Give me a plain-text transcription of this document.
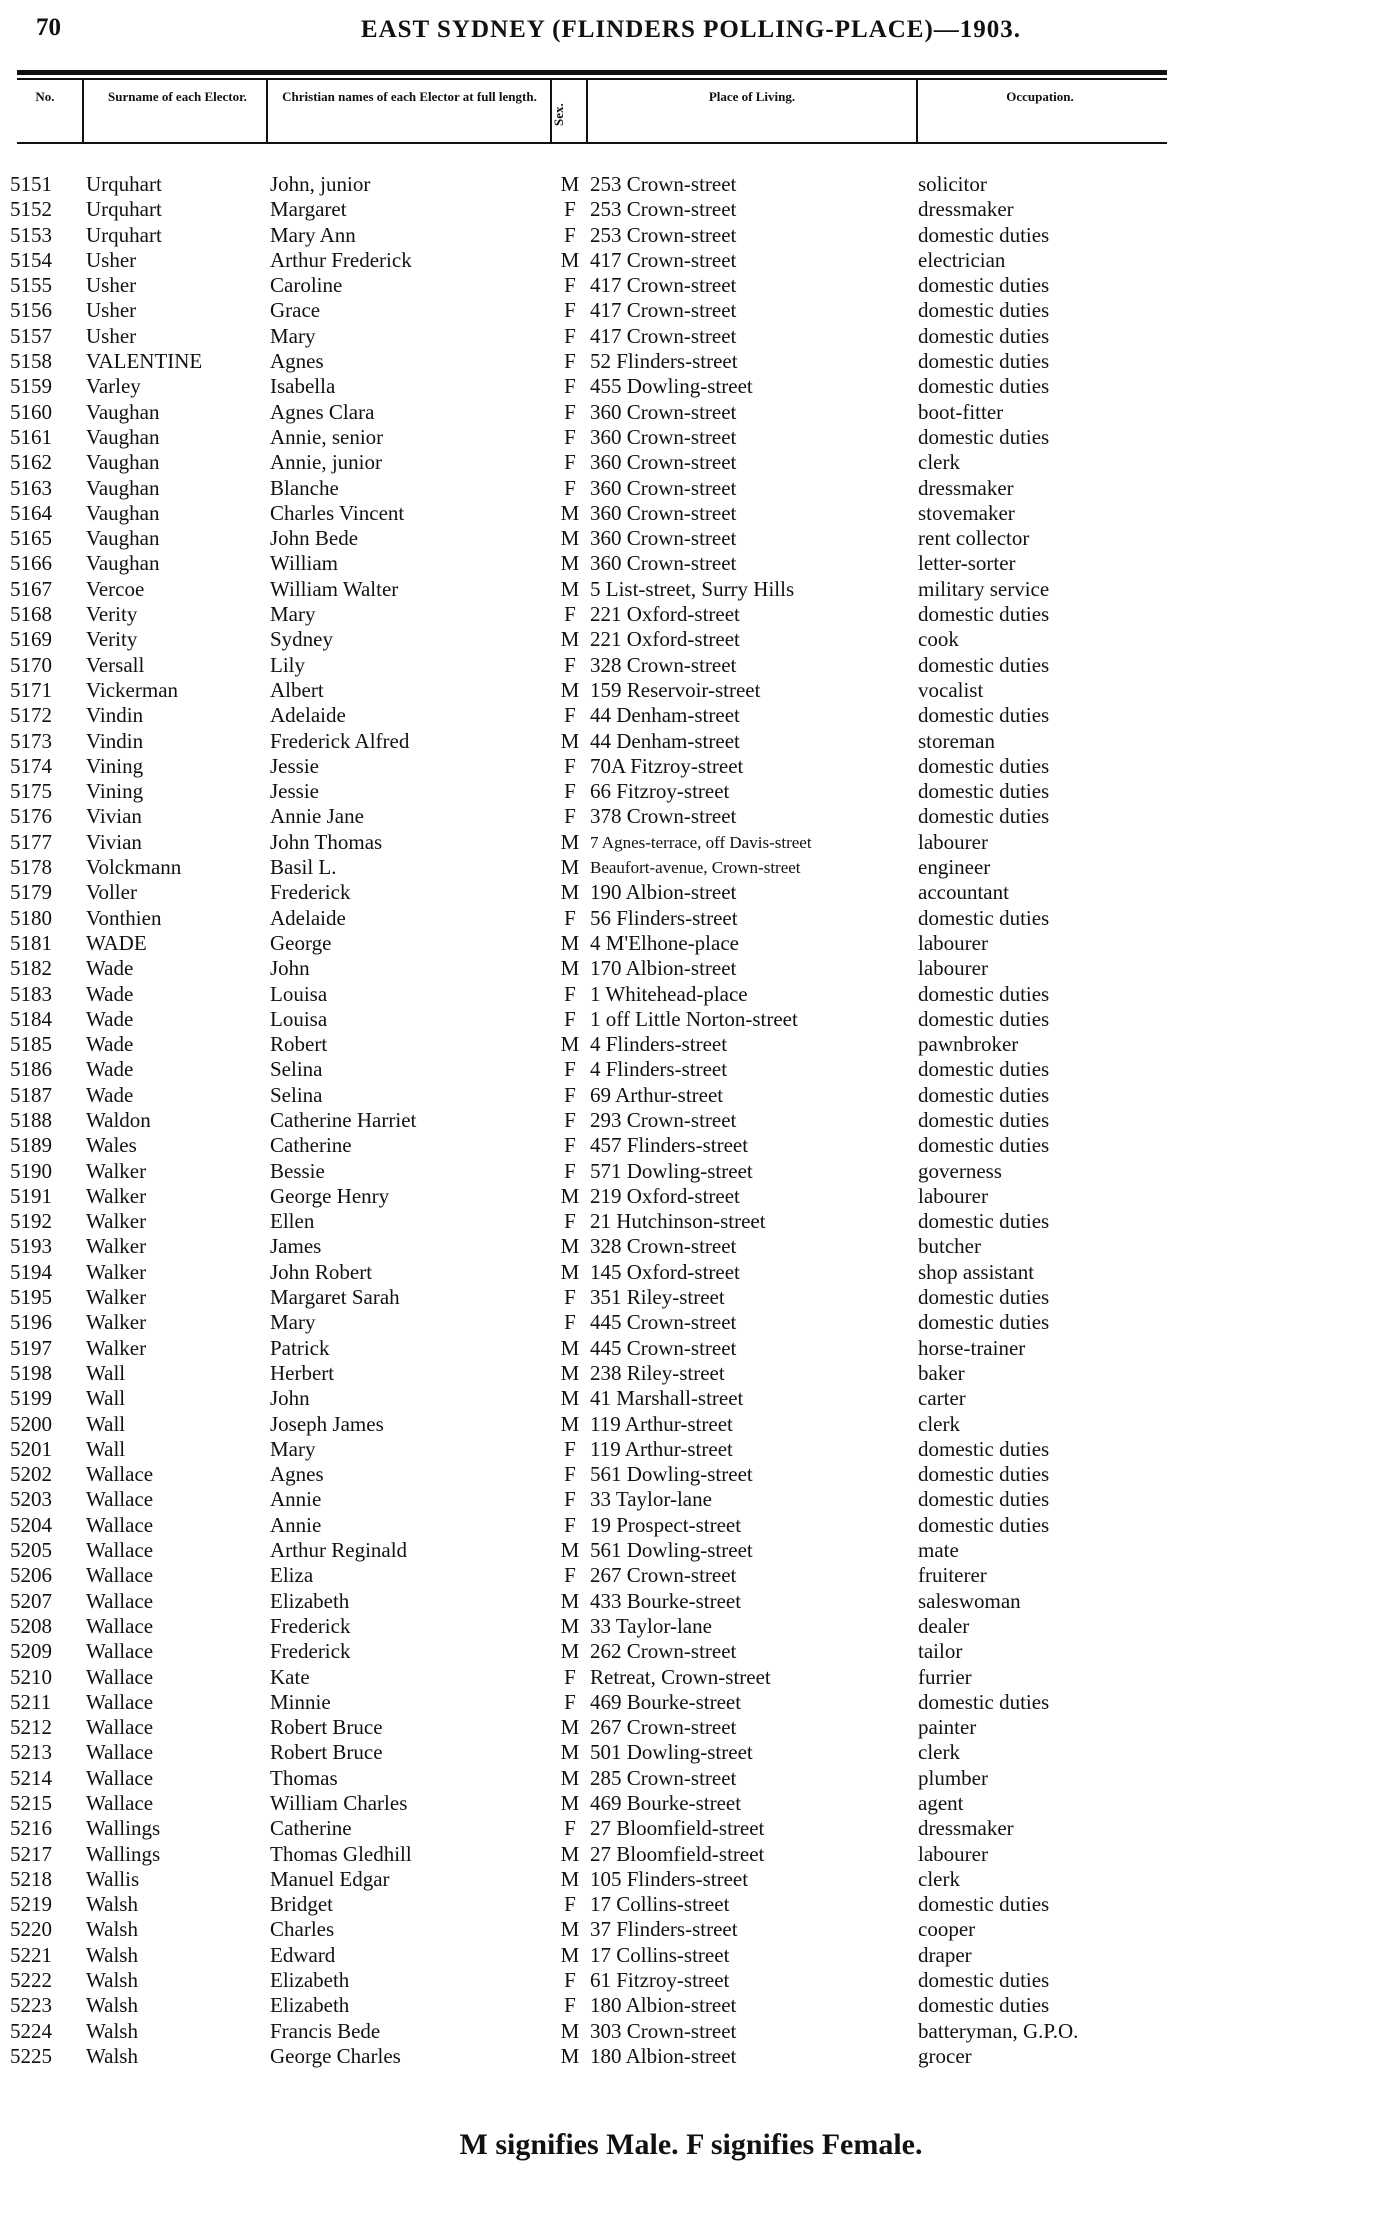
70	EAST SYDNEY (FLINDERS POLLING-PLACE)—1903.
No.	Surname of each Elector.	Christian names of each Elector at full length.
Sex.
Place of Living.	Occupation.
5151 Urquhart	John, junior	M 253 Crown-street	solicitor
5152 Urquhart	Margaret	F 253 Crown-street	dressmaker
5153 Urquhart	Mary Ann	F 253 Crown-street	domestic duties
5154 Usher	Arthur Frederick	M 417 Crown-street	electrician
5155 Usher	Caroline	F 417 Crown-street	domestic duties
5156 Usher	Grace	F 417 Crown-street	domestic duties
5157 Usher	Mary	F 417 Crown-street	domestic duties
5158 VALENTINE	Agnes	F 52 Flinders-street	domestic duties
5159 Varley	Isabella	F 455 Dowling-street	domestic duties
5160 Vaughan	Agnes Clara	F 360 Crown-street	boot-fitter
5161 Vaughan	Annie, senior	F 360 Crown-street	domestic duties
5162 Vaughan	Annie, junior	F 360 Crown-street	clerk
5163 Vaughan	Blanche	F 360 Crown-street	dressmaker
5164 Vaughan	Charles Vincent	M 360 Crown-street	stovemaker
5165 Vaughan	John Bede	M 360 Crown-street	rent collector
5166 Vaughan	William	M 360 Crown-street	letter-sorter
5167 Vercoe	William Walter	M 5 List-street, Surry Hills	military service
5168 Verity	Mary	F 221 Oxford-street	domestic duties
5169 Verity	Sydney	M 221 Oxford-street	cook
5170 Versall	Lily	F 328 Crown-street	domestic duties
5171 Vickerman	Albert	M 159 Reservoir-street	vocalist
5172 Vindin	Adelaide	F 44 Denham-street	domestic duties
5173 Vindin	Frederick Alfred	M 44 Denham-street	storeman
5174 Vining	Jessie	F 70A Fitzroy-street	domestic duties
5175 Vining	Jessie	F 66 Fitzroy-street	domestic duties
5176 Vivian	Annie Jane	F 378 Crown-street	domestic duties
5177 Vivian	John Thomas	M 7 Agnes-terrace, off Davis-street	labourer
5178 Volckmann	Basil L.	M Beaufort-avenue, Crown-street	engineer
5179 Voller	Frederick	M 190 Albion-street	accountant
5180 Vonthien	Adelaide	F 56 Flinders-street	domestic duties
5181 WADE	George	M 4 M'Elhone-place	labourer
5182 Wade	John	M 170 Albion-street	labourer
5183 Wade	Louisa	F 1 Whitehead-place	domestic duties
5184 Wade	Louisa	F 1 off Little Norton-street	domestic duties
5185 Wade	Robert	M 4 Flinders-street	pawnbroker
5186 Wade	Selina	F 4 Flinders-street	domestic duties
5187 Wade	Selina	F 69 Arthur-street	domestic duties
5188 Waldon	Catherine Harriet	F 293 Crown-street	domestic duties
5189 Wales	Catherine	F 457 Flinders-street	domestic duties
5190 Walker	Bessie	F 571 Dowling-street	governess
5191 Walker	George Henry	M 219 Oxford-street	labourer
5192 Walker	Ellen	F 21 Hutchinson-street	domestic duties
5193 Walker	James	M 328 Crown-street	butcher
5194 Walker	John Robert	M 145 Oxford-street	shop assistant
5195 Walker	Margaret Sarah	F 351 Riley-street	domestic duties
5196 Walker	Mary	F 445 Crown-street	domestic duties
5197 Walker	Patrick	M 445 Crown-street	horse-trainer
5198 Wall	Herbert	M 238 Riley-street	baker
5199 Wall	John	M 41 Marshall-street	carter
5200 Wall	Joseph James	M 119 Arthur-street	clerk
5201 Wall	Mary	F 119 Arthur-street	domestic duties
5202 Wallace	Agnes	F 561 Dowling-street	domestic duties
5203 Wallace	Annie	F 33 Taylor-lane	domestic duties
5204 Wallace	Annie	F 19 Prospect-street	domestic duties
5205 Wallace	Arthur Reginald	M 561 Dowling-street	mate
5206 Wallace	Eliza	F 267 Crown-street	fruiterer
5207 Wallace	Elizabeth	M 433 Bourke-street	saleswoman
5208 Wallace	Frederick	M 33 Taylor-lane	dealer
5209 Wallace	Frederick	M 262 Crown-street	tailor
5210 Wallace	Kate	F Retreat, Crown-street	furrier
5211 Wallace	Minnie	F 469 Bourke-street	domestic duties
5212 Wallace	Robert Bruce	M 267 Crown-street	painter
5213 Wallace	Robert Bruce	M 501 Dowling-street	clerk
5214 Wallace	Thomas	M 285 Crown-street	plumber
5215 Wallace	William Charles	M 469 Bourke-street	agent
5216 Wallings	Catherine	F 27 Bloomfield-street	dressmaker
5217 Wallings	Thomas Gledhill	M 27 Bloomfield-street	labourer
5218 Wallis	Manuel Edgar	M 105 Flinders-street	clerk
5219 Walsh	Bridget	F 17 Collins-street	domestic duties
5220 Walsh	Charles	M 37 Flinders-street	cooper
5221 Walsh	Edward	M 17 Collins-street	draper
5222 Walsh	Elizabeth	F 61 Fitzroy-street	domestic duties
5223 Walsh	Elizabeth	F 180 Albion-street	domestic duties
5224 Walsh	Francis Bede	M 303 Crown-street	batteryman, G.P.O.
5225 Walsh	George Charles	M 180 Albion-street	grocer
M signifies Male. F signifies Female.
